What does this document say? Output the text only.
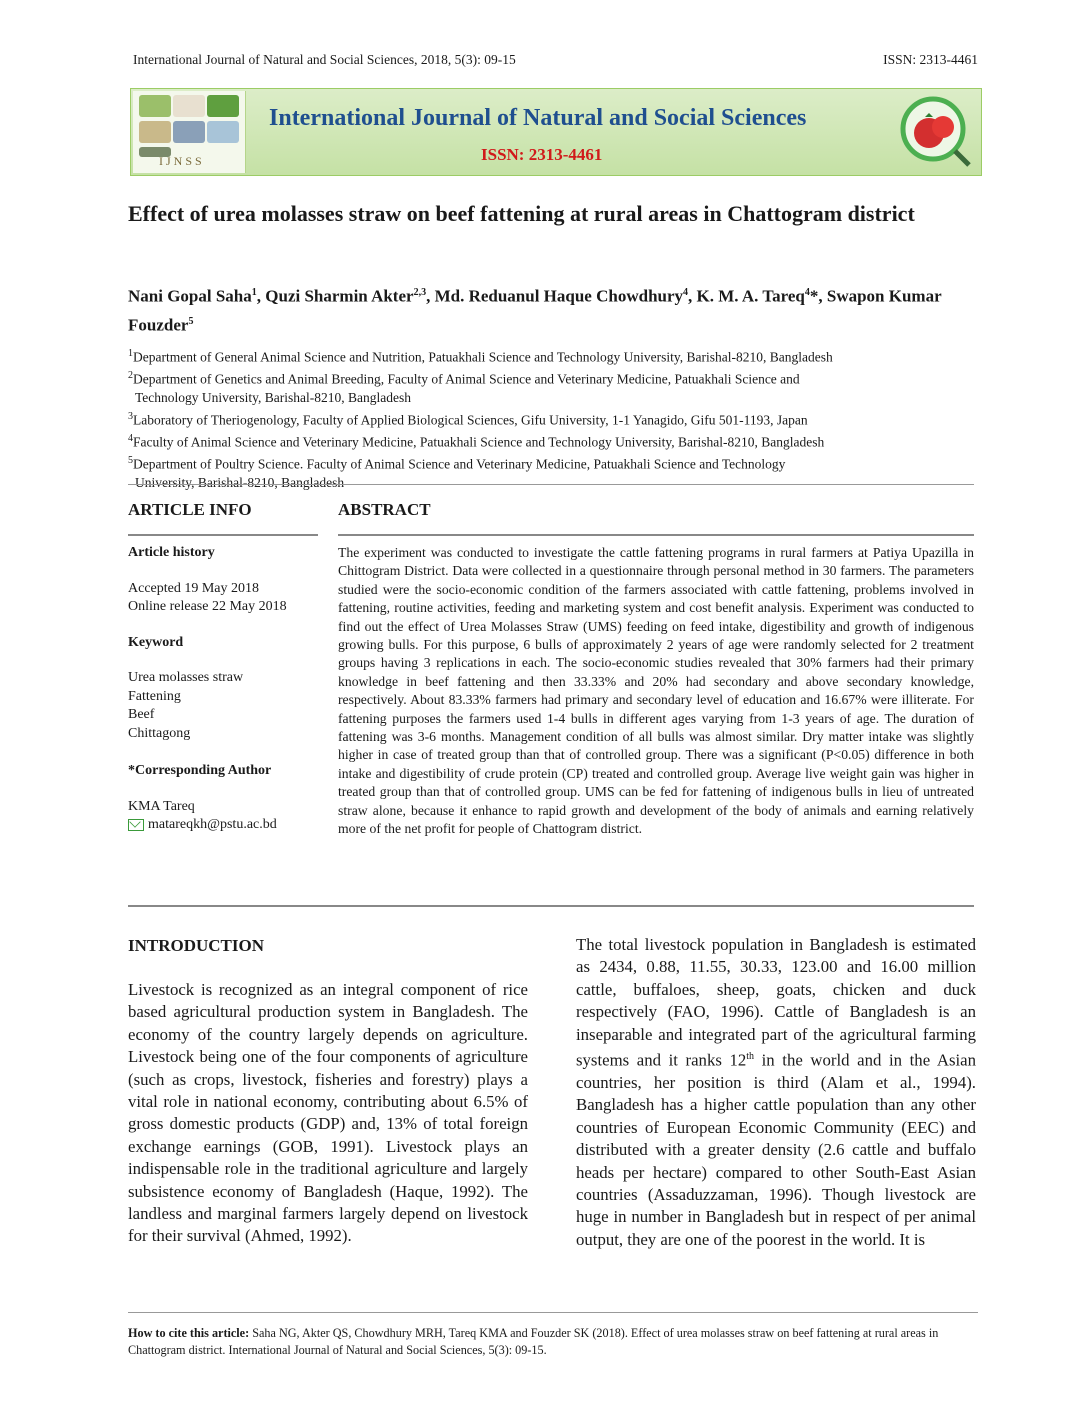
International Journal of Natural and Social Sciences, 2018, 5(3): 09-15	ISSN: 2313-4461
IJNSS
International Journal of Natural and Social Sciences
ISSN: 2313-4461
Effect of urea molasses straw on beef fattening at rural areas in Chattogram district
Nani Gopal Saha$^1$, Quzi Sharmin Akter$^{2,3}$, Md. Reduanul Haque Chowdhury$^4$, K. M. A. Tareq$^4$*, Swapon Kumar Fouzder$^5$
$^1$Department of General Animal Science and Nutrition, Patuakhali Science and Technology University, Barishal-8210, Bangladesh
$^2$Department of Genetics and Animal Breeding, Faculty of Animal Science and Veterinary Medicine, Patuakhali Science and
Technology University, Barishal-8210, Bangladesh
$^3$Laboratory of Theriogenology, Faculty of Applied Biological Sciences, Gifu University, 1-1 Yanagido, Gifu 501-1193, Japan
$^4$Faculty of Animal Science and Veterinary Medicine, Patuakhali Science and Technology University, Barishal-8210, Bangladesh
$^5$Department of Poultry Science. Faculty of Animal Science and Veterinary Medicine, Patuakhali Science and Technology
University, Barishal-8210, Bangladesh
ARTICLE INFO	ABSTRACT
Article history
Accepted 19 May 2018
Online release 22 May 2018
Keyword
Urea molasses straw
Fattening
Beef
Chittagong
*Corresponding Author
KMA Tareq
matareqkh@pstu.ac.bd
The experiment was conducted to investigate the cattle fattening programs in rural farmers at Patiya Upazilla in Chittogram District. Data were collected in a questionnaire through personal method in 30 farmers. The parameters studied were the socio-economic condition of the farmers associated with cattle fattening, problems involved in fattening, routine activities, feeding and marketing system and cost benefit analysis. Experiment was conducted to find out the effect of Urea Molasses Straw (UMS) feeding on feed intake, digestibility and growth of indigenous growing bulls. For this purpose, 6 bulls of approximately 2 years of age were randomly selected for 2 treatment groups having 3 replications in each. The socio-economic studies revealed that 30% farmers had their primary knowledge in beef fattening and then 33.33% and 20% had secondary and above secondary knowledge, respectively. About 83.33% farmers had primary and secondary level of education and 16.67% were illiterate. For fattening purposes the farmers used 1-4 bulls in different ages varying from 1-3 years of age. The duration of fattening was 3-6 months. Management condition of all bulls was almost similar. Dry matter intake was slightly higher in case of treated group than that of controlled group. There was a significant (P<0.05) difference in both intake and digestibility of crude protein (CP) treated and controlled group. Average live weight gain was higher in treated group than that of controlled group. UMS can be fed for fattening of indigenous bulls in lieu of untreated straw alone, because it enhance to rapid growth and development of the body of animals and earning relatively more of the net profit for people of Chattogram district.
INTRODUCTION
Livestock is recognized as an integral component of rice based agricultural production system in Bangladesh. The economy of the country largely depends on agriculture. Livestock being one of the four components of agriculture (such as crops, livestock, fisheries and forestry) plays a vital role in national economy, contributing about 6.5% of gross domestic products (GDP) and, 13% of total foreign exchange earnings (GOB, 1991). Livestock plays an indispensable role in the traditional agriculture and largely subsistence economy of Bangladesh (Haque, 1992). The landless and marginal farmers largely depend on livestock for their survival (Ahmed, 1992).
The total livestock population in Bangladesh is estimated as 2434, 0.88, 11.55, 30.33, 123.00 and 16.00 million cattle, buffaloes, sheep, goats, chicken and duck respectively (FAO, 1996). Cattle of Bangladesh is an inseparable and integrated part of the agricultural farming systems and it ranks 12th in the world and in the Asian countries, her position is third (Alam et al., 1994). Bangladesh has a higher cattle population than any other countries of European Economic Community (EEC) and distributed with a greater density (2.6 cattle and buffalo heads per hectare) compared to other South-East Asian countries (Assaduzzaman, 1996). Though livestock are huge in number in Bangladesh but in respect of per animal output, they are one of the poorest in the world. It is
How to cite this article: Saha NG, Akter QS, Chowdhury MRH, Tareq KMA and Fouzder SK (2018). Effect of urea molasses straw on beef fattening at rural areas in Chattogram district. International Journal of Natural and Social Sciences, 5(3): 09-15.
